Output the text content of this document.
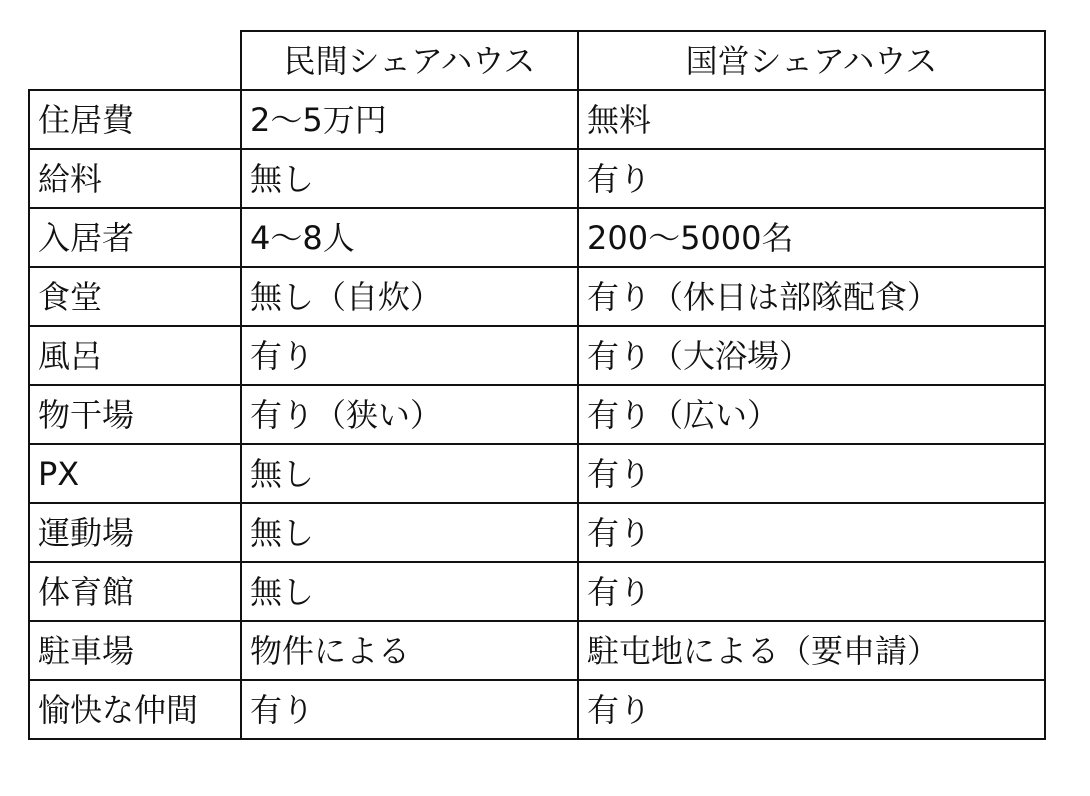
	民間シェアハウス	国営シェアハウス
住居費	2〜5万円	無料
給料	無し	有り
入居者	4〜8人	200〜5000名
食堂	無し（自炊）	有り（休日は部隊配食）
風呂	有り	有り（大浴場）
物干場	有り（狭い）	有り（広い）
PX	無し	有り
運動場	無し	有り
体育館	無し	有り
駐車場	物件による	駐屯地による（要申請）
愉快な仲間	有り	有り
